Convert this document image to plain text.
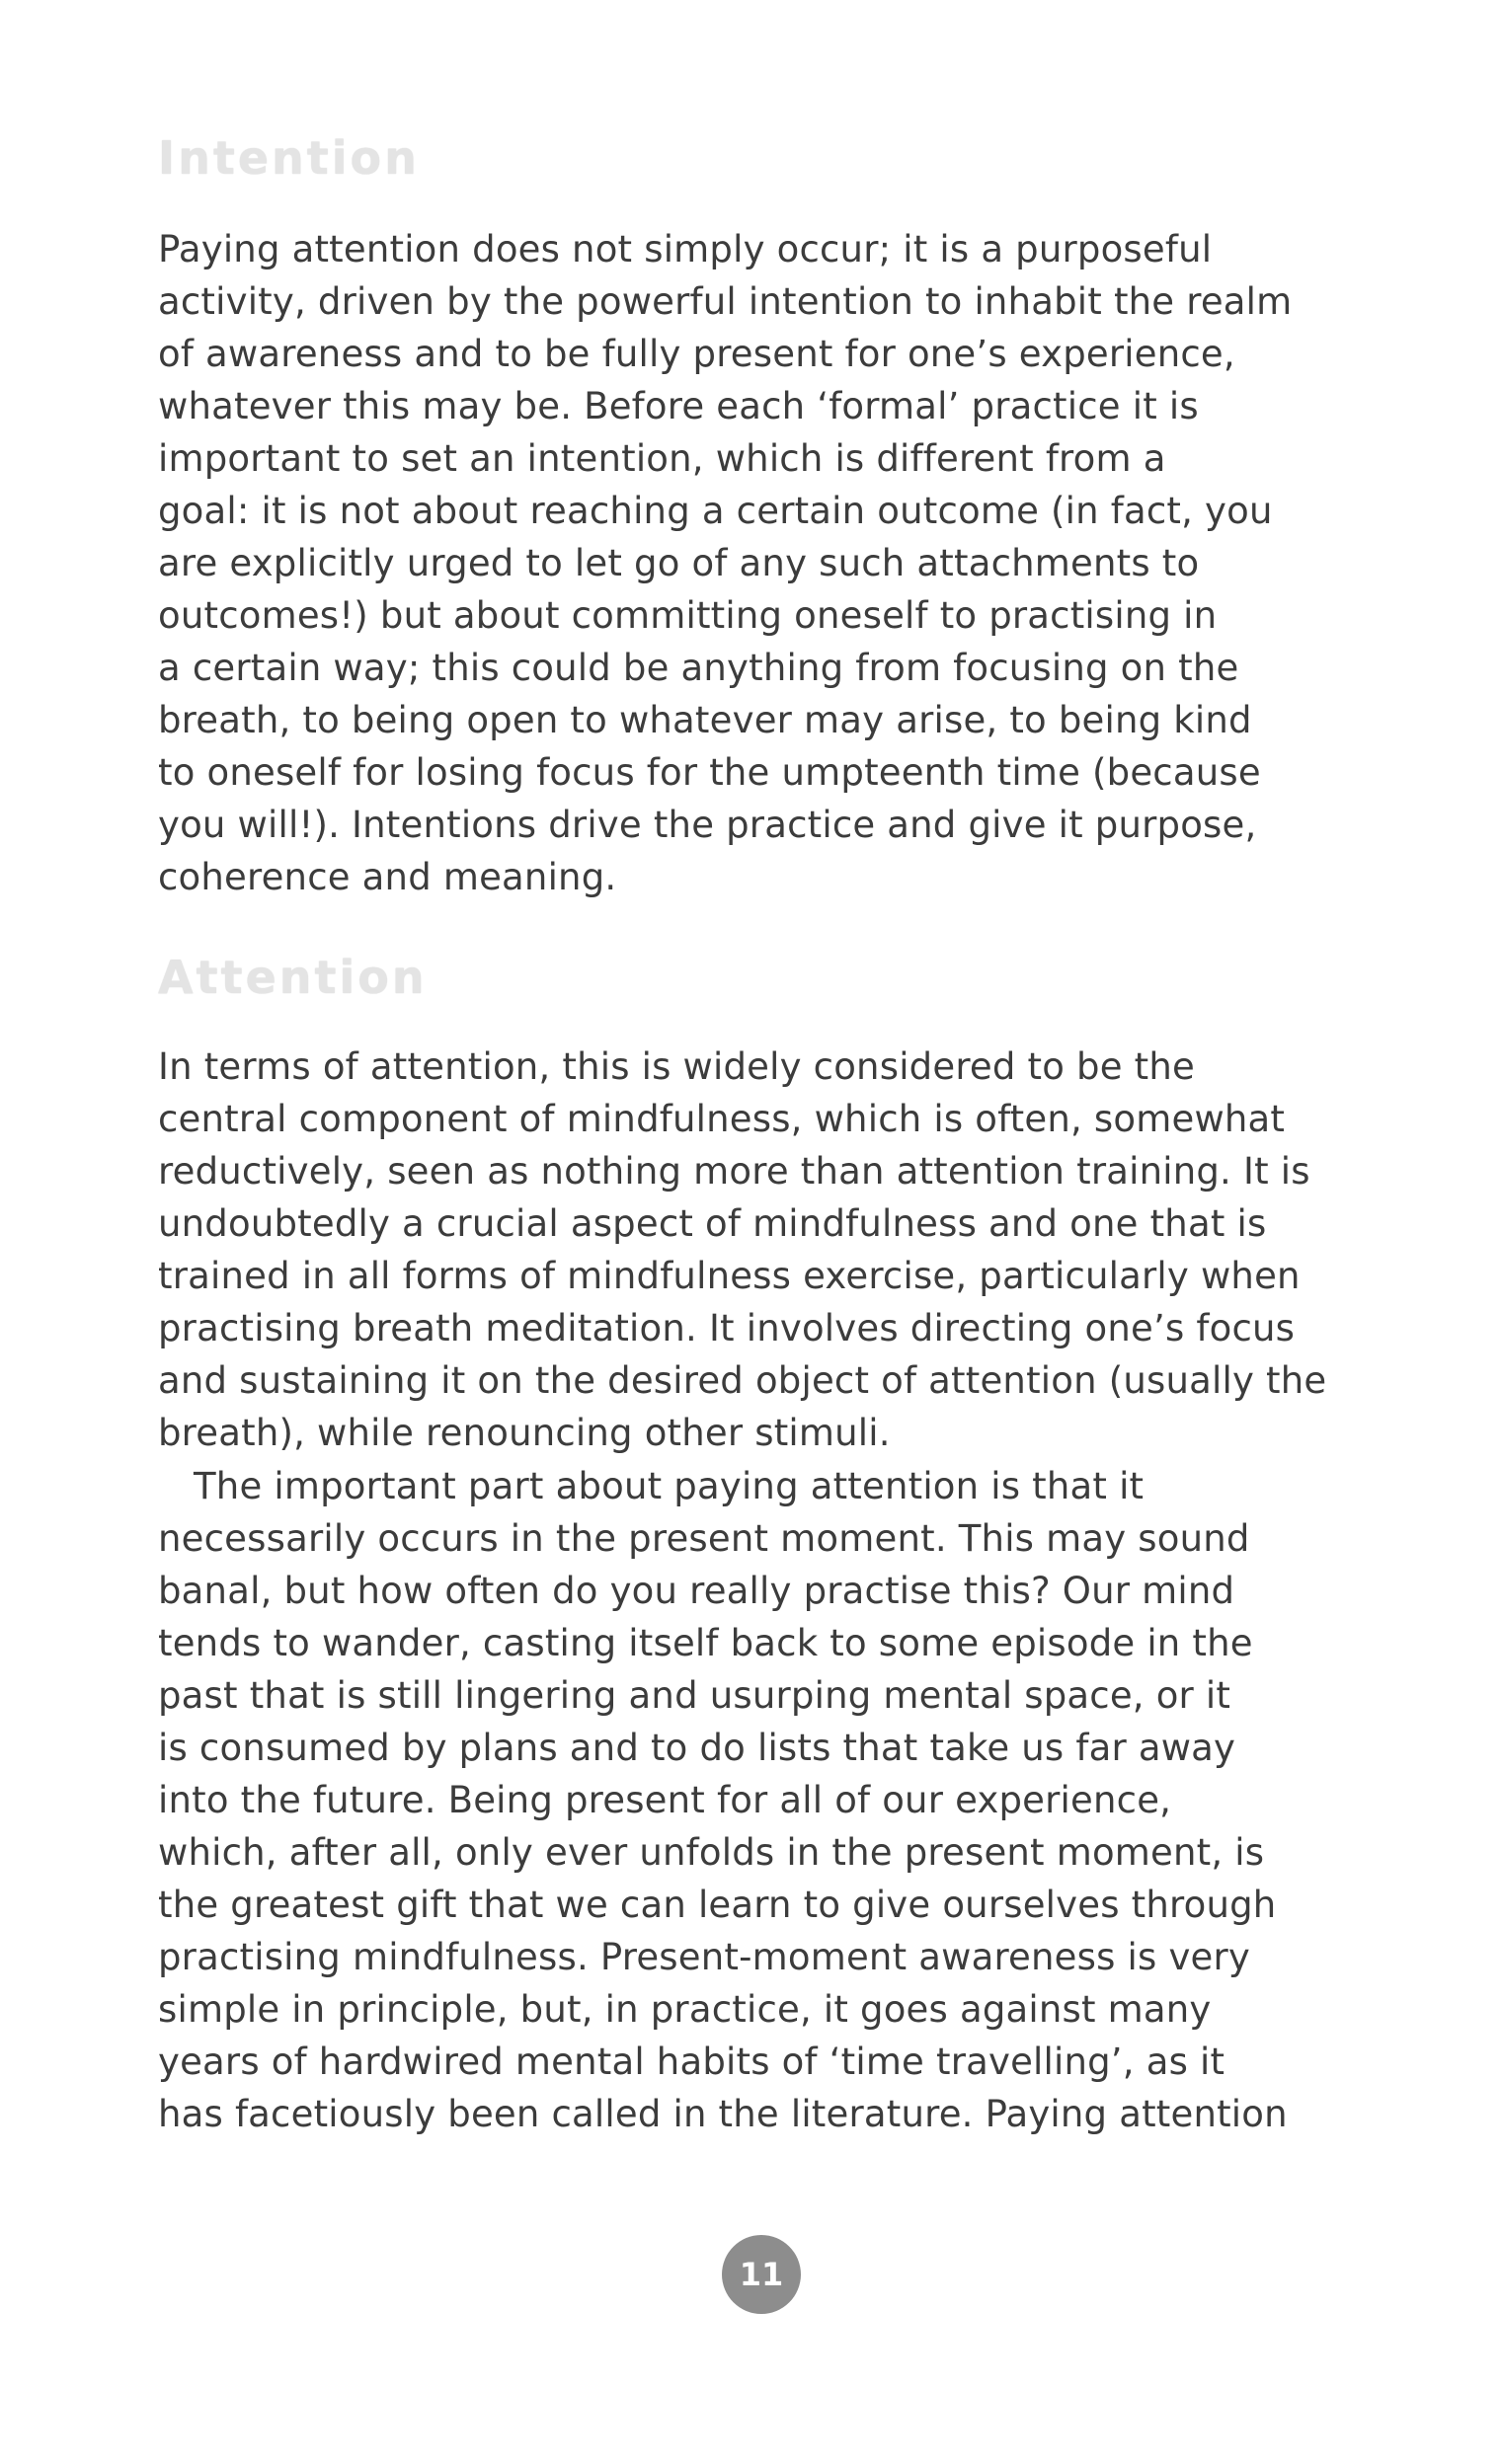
Intention
Paying attention does not simply occur; it is a purposeful
activity, driven by the powerful intention to inhabit the realm
of awareness and to be fully present for one’s experience,
whatever this may be. Before each ‘formal’ practice it is
important to set an intention, which is different from a
goal: it is not about reaching a certain outcome (in fact, you
are explicitly urged to let go of any such attachments to
outcomes!) but about committing oneself to practising in
a certain way; this could be anything from focusing on the
breath, to being open to whatever may arise, to being kind
to oneself for losing focus for the umpteenth time (because
you will!). Intentions drive the practice and give it purpose,
coherence and meaning.
Attention
In terms of attention, this is widely considered to be the
central component of mindfulness, which is often, somewhat
reductively, seen as nothing more than attention training. It is
undoubtedly a crucial aspect of mindfulness and one that is
trained in all forms of mindfulness exercise, particularly when
practising breath meditation. It involves directing one’s focus
and sustaining it on the desired object of attention (usually the
breath), while renouncing other stimuli.
The important part about paying attention is that it
necessarily occurs in the present moment. This may sound
banal, but how often do you really practise this? Our mind
tends to wander, casting itself back to some episode in the
past that is still lingering and usurping mental space, or it
is consumed by plans and to do lists that take us far away
into the future. Being present for all of our experience,
which, after all, only ever unfolds in the present moment, is
the greatest gift that we can learn to give ourselves through
practising mindfulness. Present-moment awareness is very
simple in principle, but, in practice, it goes against many
years of hardwired mental habits of ‘time travelling’, as it
has facetiously been called in the literature. Paying attention
11
